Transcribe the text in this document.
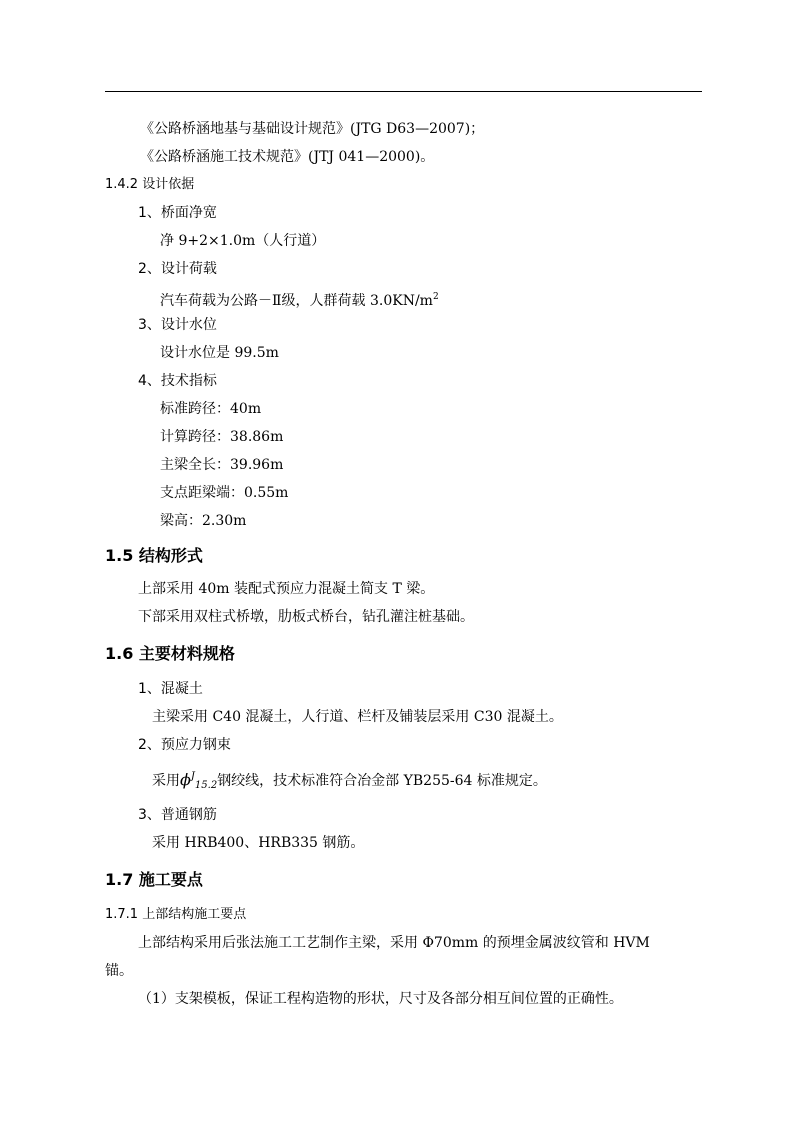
《公路桥涵地基与基础设计规范》(JTG D63—2007)；
《公路桥涵施工技术规范》(JTJ 041—2000)。
1.4.2 设计依据
1、桥面净宽
净 9+2×1.0m（人行道）
2、设计荷载
汽车荷载为公路－Ⅱ级，人群荷载 $3.0KN/m^2$
3、设计水位
设计水位是 99.5m
4、技术指标
标准跨径：40m
计算跨径：38.86m
主梁全长：39.96m
支点距梁端：0.55m
梁高：2.30m
1.5 结构形式
上部采用 40m 装配式预应力混凝土简支 T 梁。
下部采用双柱式桥墩，肋板式桥台，钻孔灌注桩基础。
1.6 主要材料规格
1、混凝土
主梁采用 C40 混凝土，人行道、栏杆及铺装层采用 C30 混凝土。
2、预应力钢束
采用$\phi^J_{15.2}$钢绞线，技术标准符合冶金部 YB255-64 标准规定。
3、普通钢筋
采用 HRB400、HRB335 钢筋。
1.7 施工要点
1.7.1 上部结构施工要点
上部结构采用后张法施工工艺制作主梁，采用 Φ70mm 的预埋金属波纹管和 HVM
锚。
（1）支架模板，保证工程构造物的形状，尺寸及各部分相互间位置的正确性。
